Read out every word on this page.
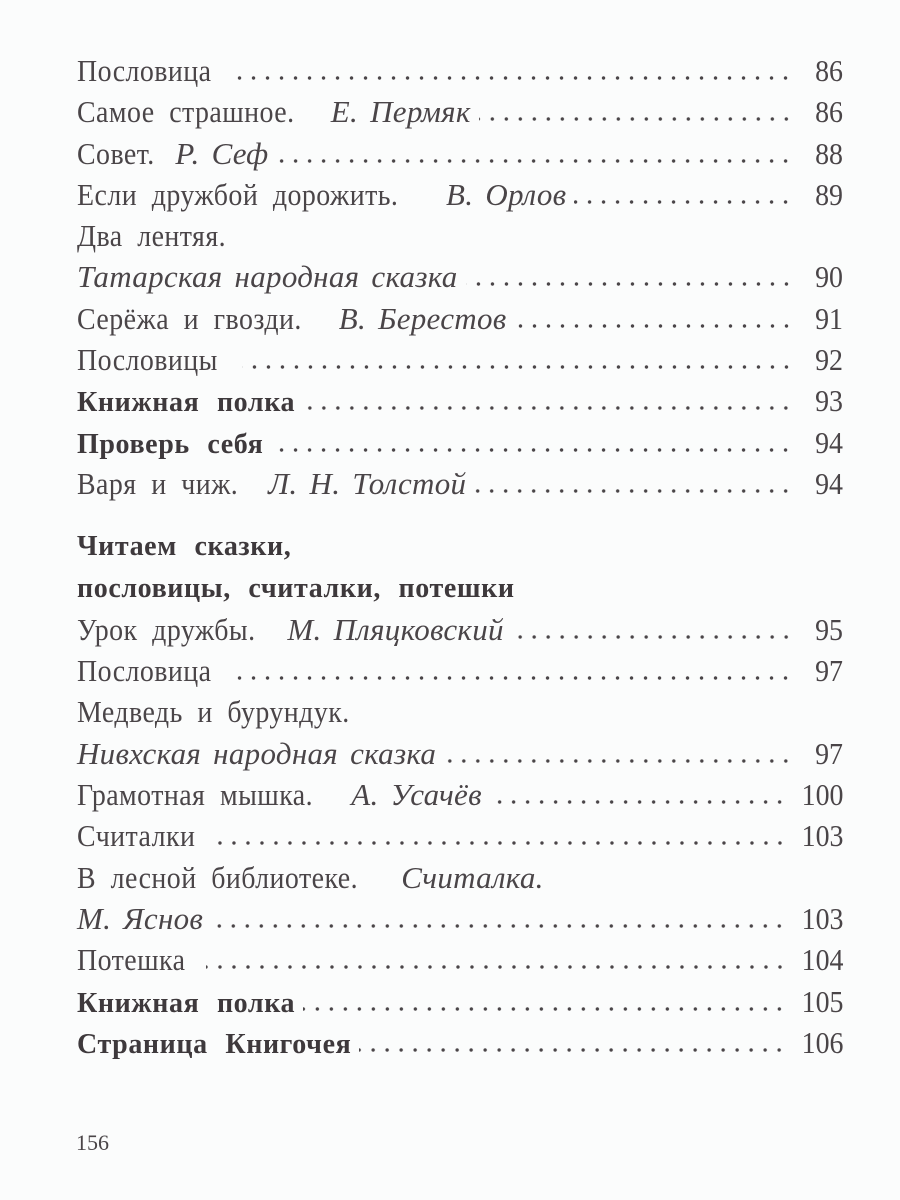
Пословица	86
Самое страшное. Е. Пермяк	86
Совет. Р. Сеф	88
Если дружбой дорожить. В. Орлов	89
Два лентяя.
Татарская народная сказка	90
Серёжа и гвозди. В. Берестов	91
Пословицы	92
Книжная полка	93
Проверь себя	94
Варя и чиж. Л. Н. Толстой	94
Читаем сказки,
пословицы, считалки, потешки
Урок дружбы. М. Пляцковский	95
Пословица	97
Медведь и бурундук.
Нивхская народная сказка	97
Грамотная мышка. А. Усачёв	100
Считалки	103
В лесной библиотеке. Считалка.
М. Яснов	103
Потешка	104
Книжная полка	105
Страница Книгочея	106
156
